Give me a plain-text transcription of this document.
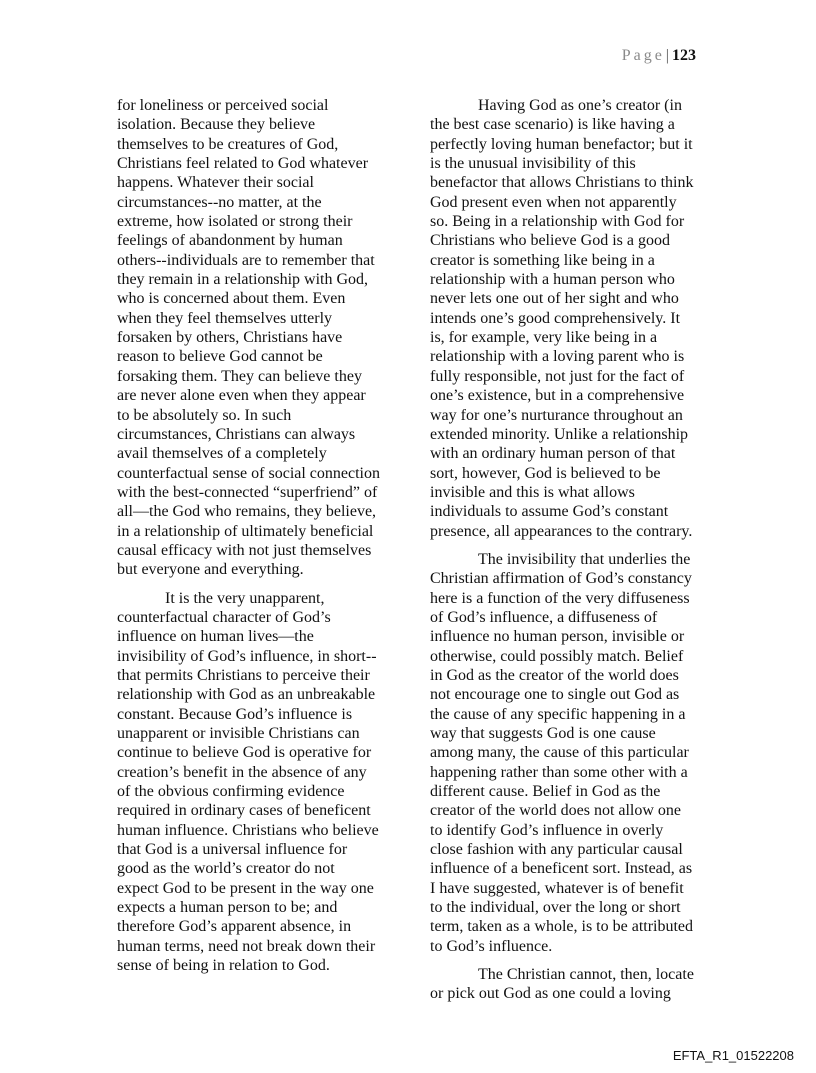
Page| 123
for loneliness or perceived social
isolation. Because they believe
themselves to be creatures of God,
Christians feel related to God whatever
happens. Whatever their social
circumstances--no matter, at the
extreme, how isolated or strong their
feelings of abandonment by human
others--individuals are to remember that
they remain in a relationship with God,
who is concerned about them. Even
when they feel themselves utterly
forsaken by others, Christians have
reason to believe God cannot be
forsaking them. They can believe they
are never alone even when they appear
to be absolutely so. In such
circumstances, Christians can always
avail themselves of a completely
counterfactual sense of social connection
with the best-connected “superfriend” of
all—the God who remains, they believe,
in a relationship of ultimately beneficial
causal efficacy with not just themselves
but everyone and everything.
It is the very unapparent,
counterfactual character of God’s
influence on human lives—the
invisibility of God’s influence, in short--
that permits Christians to perceive their
relationship with God as an unbreakable
constant. Because God’s influence is
unapparent or invisible Christians can
continue to believe God is operative for
creation’s benefit in the absence of any
of the obvious confirming evidence
required in ordinary cases of beneficent
human influence. Christians who believe
that God is a universal influence for
good as the world’s creator do not
expect God to be present in the way one
expects a human person to be; and
therefore God’s apparent absence, in
human terms, need not break down their
sense of being in relation to God.
Having God as one’s creator (in
the best case scenario) is like having a
perfectly loving human benefactor; but it
is the unusual invisibility of this
benefactor that allows Christians to think
God present even when not apparently
so. Being in a relationship with God for
Christians who believe God is a good
creator is something like being in a
relationship with a human person who
never lets one out of her sight and who
intends one’s good comprehensively. It
is, for example, very like being in a
relationship with a loving parent who is
fully responsible, not just for the fact of
one’s existence, but in a comprehensive
way for one’s nurturance throughout an
extended minority. Unlike a relationship
with an ordinary human person of that
sort, however, God is believed to be
invisible and this is what allows
individuals to assume God’s constant
presence, all appearances to the contrary.
The invisibility that underlies the
Christian affirmation of God’s constancy
here is a function of the very diffuseness
of God’s influence, a diffuseness of
influence no human person, invisible or
otherwise, could possibly match. Belief
in God as the creator of the world does
not encourage one to single out God as
the cause of any specific happening in a
way that suggests God is one cause
among many, the cause of this particular
happening rather than some other with a
different cause. Belief in God as the
creator of the world does not allow one
to identify God’s influence in overly
close fashion with any particular causal
influence of a beneficent sort. Instead, as
I have suggested, whatever is of benefit
to the individual, over the long or short
term, taken as a whole, is to be attributed
to God’s influence.
The Christian cannot, then, locate
or pick out God as one could a loving
EFTA_R1_01522208
